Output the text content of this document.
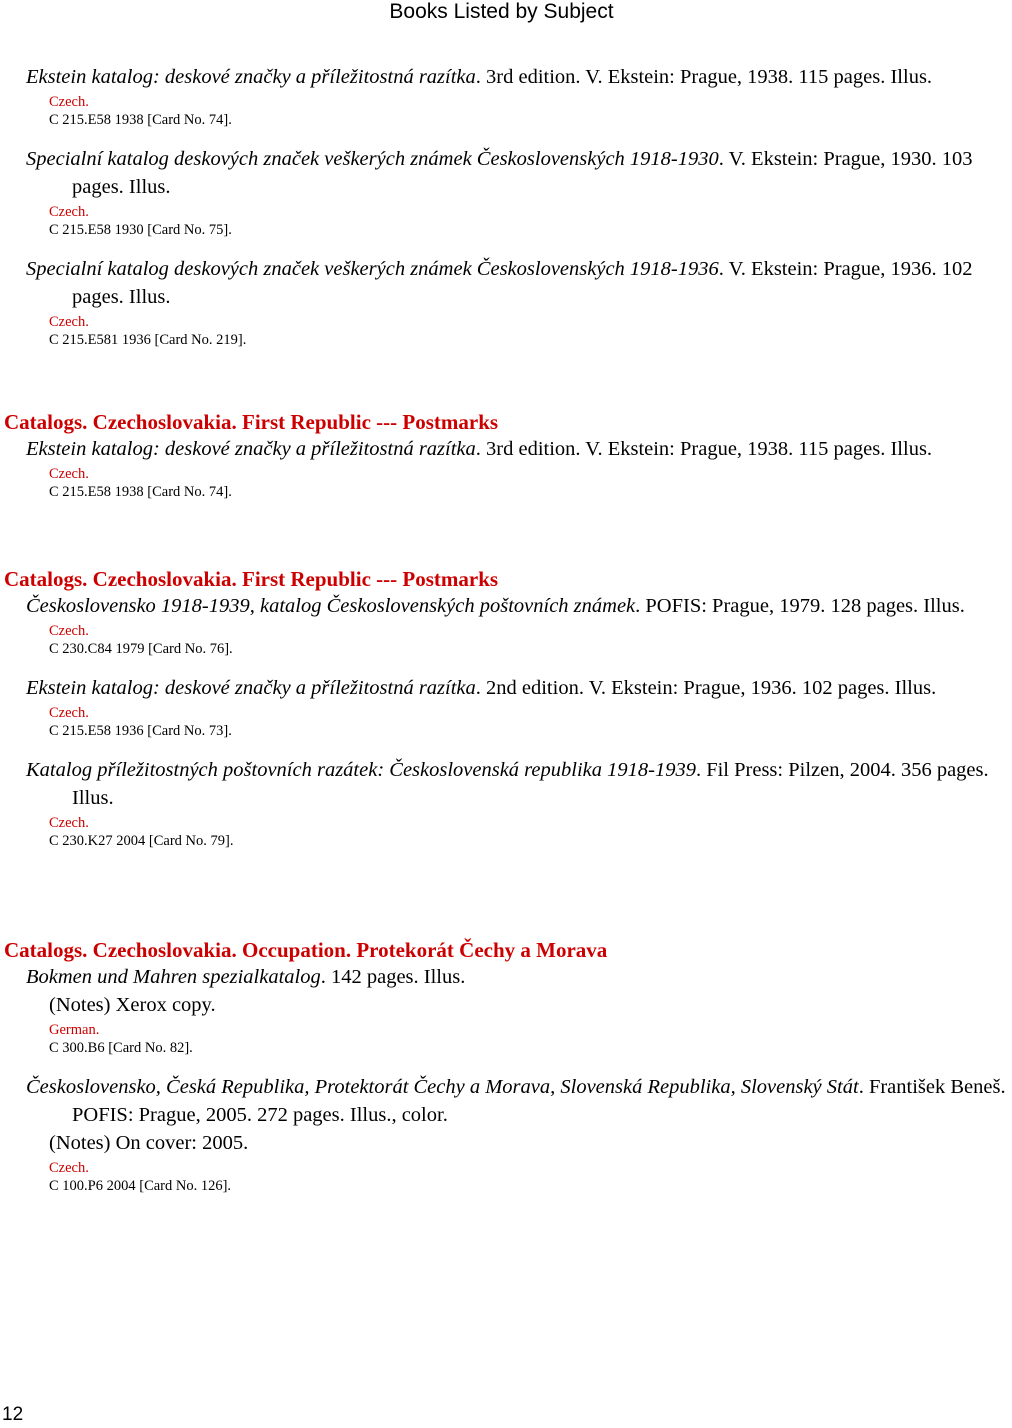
Books Listed by Subject
Ekstein katalog: deskové značky a příležitostná razítka. 3rd edition. V. Ekstein: Prague, 1938. 115 pages. Illus.
Czech.
C 215.E58 1938 [Card No. 74].
Specialní katalog deskových značek veškerých známek Československých 1918-1930. V. Ekstein: Prague, 1930. 103 pages. Illus.
Czech.
C 215.E58 1930 [Card No. 75].
Specialní katalog deskových značek veškerých známek Československých 1918-1936. V. Ekstein: Prague, 1936. 102 pages. Illus.
Czech.
C 215.E581 1936 [Card No. 219].
Catalogs. Czechoslovakia. First Republic --- Postmarks
Ekstein katalog: deskové značky a příležitostná razítka. 3rd edition. V. Ekstein: Prague, 1938. 115 pages. Illus.
Czech.
C 215.E58 1938 [Card No. 74].
Catalogs. Czechoslovakia. First Republic --- Postmarks
Československo 1918-1939, katalog Československých poštovních známek. POFIS: Prague, 1979. 128 pages. Illus.
Czech.
C 230.C84 1979 [Card No. 76].
Ekstein katalog: deskové značky a příležitostná razítka. 2nd edition. V. Ekstein: Prague, 1936. 102 pages. Illus.
Czech.
C 215.E58 1936 [Card No. 73].
Katalog příležitostných poštovních razátek: Československá republika 1918-1939. Fil Press: Pilzen, 2004. 356 pages. Illus.
Czech.
C 230.K27 2004 [Card No. 79].
Catalogs. Czechoslovakia. Occupation. Protekorát Čechy a Morava
Bokmen und Mahren spezialkatalog. 142 pages. Illus.
(Notes) Xerox copy.
German.
C 300.B6 [Card No. 82].
Československo, Česká Republika, Protektorát Čechy a Morava, Slovenská Republika, Slovenský Stát. František Beneš. POFIS: Prague, 2005. 272 pages. Illus., color.
(Notes) On cover: 2005.
Czech.
C 100.P6 2004 [Card No. 126].
12
